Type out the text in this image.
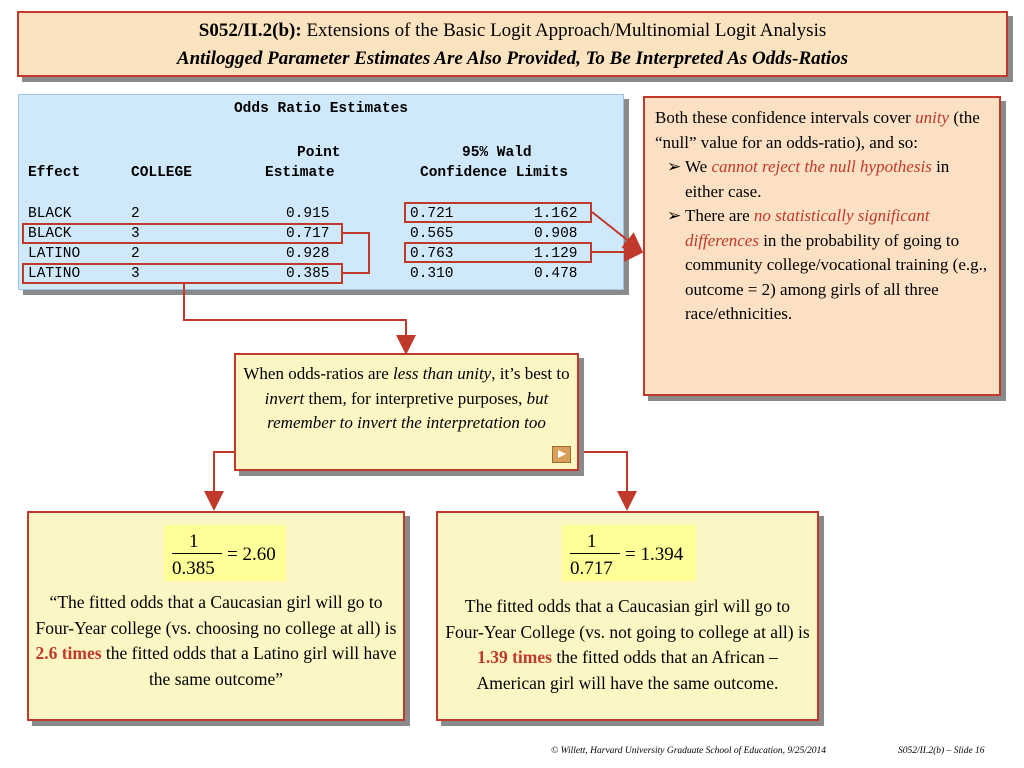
S052/II.2(b): Extensions of the Basic Logit Approach/Multinomial Logit Analysis
Antilogged Parameter Estimates Are Also Provided, To Be Interpreted As Odds-Ratios
Odds Ratio Estimates
Point	95% Wald
Effect	COLLEGE	Estimate	Confidence Limits
BLACK	2	0.915	0.721	1.162
BLACK	3	0.717	0.565	0.908
LATINO	2	0.928	0.763	1.129
LATINO	3	0.385	0.310	0.478

Both these confidence intervals cover unity (the “null” value for an odds-ratio), and so:

➢ We cannot reject the null hypothesis in either case.

➢ There are no statistically significant differences in the probability of going to community college/vocational training (e.g., outcome = 2) among girls of all three race/ethnicities.

When odds-ratios are less than unity, it’s best to invert them, for interpretive purposes, but remember to invert the interpretation too
1
0.385
= 2.60
“The fitted odds that a Caucasian girl will go to Four-Year college (vs. choosing no college at all) is 2.6 times the fitted odds that a Latino girl will have the same outcome”
1
0.717
= 1.394
The fitted odds that a Caucasian girl will go to Four-Year College (vs. not going to college at all) is 1.39 times the fitted odds that an African –American girl will have the same outcome.
© Willett, Harvard University Graduate School of Education, 9/25/2014	S052/II.2(b) – Slide 16
